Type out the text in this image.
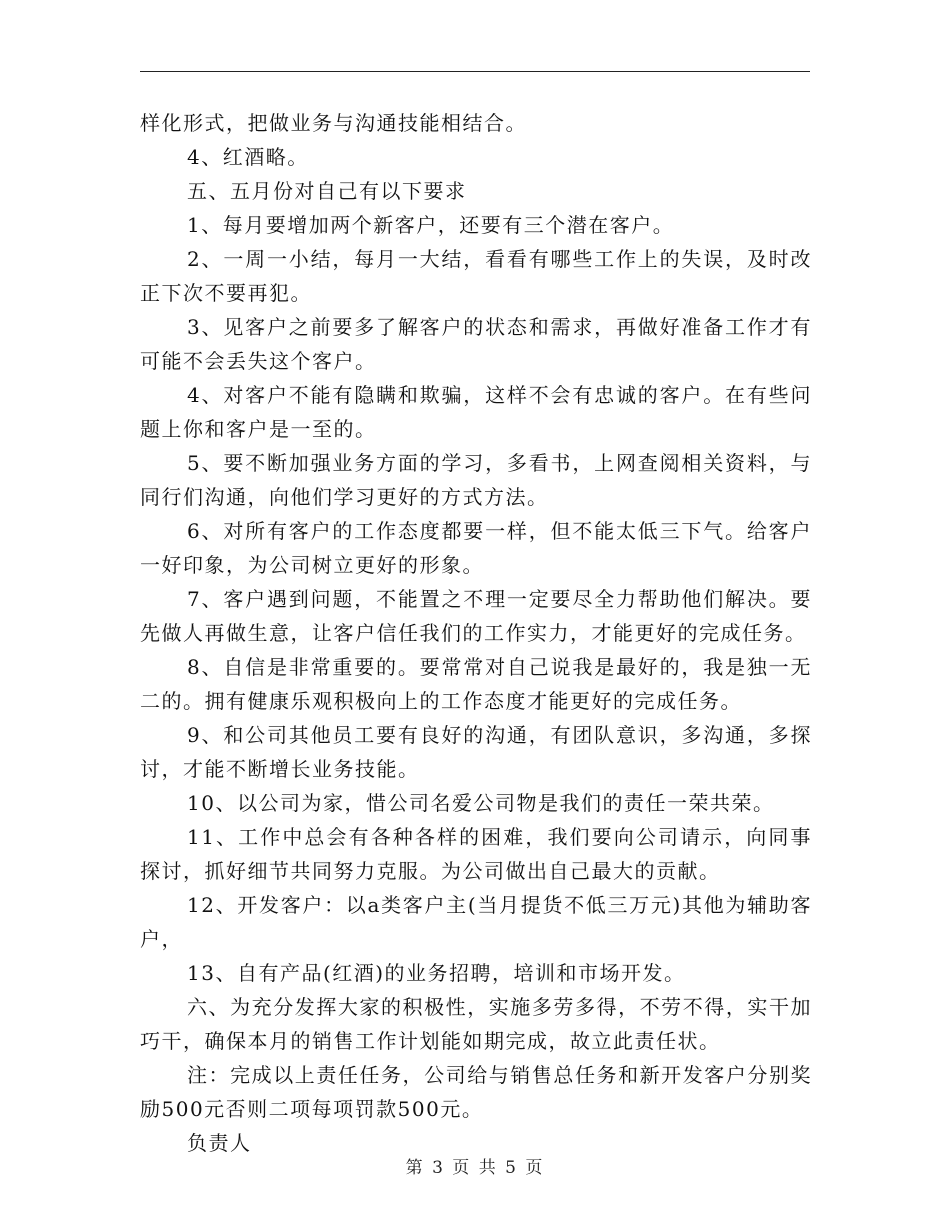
样化形式，把做业务与沟通技能相结合。

4、红酒略。

五、五月份对自己有以下要求

1、每月要增加两个新客户，还要有三个潜在客户。

2、一周一小结，每月一大结，看看有哪些工作上的失误，及时改正下次不要再犯。

3、见客户之前要多了解客户的状态和需求，再做好准备工作才有可能不会丢失这个客户。

4、对客户不能有隐瞒和欺骗，这样不会有忠诚的客户。在有些问题上你和客户是一至的。

5、要不断加强业务方面的学习，多看书，上网查阅相关资料，与同行们沟通，向他们学习更好的方式方法。

6、对所有客户的工作态度都要一样，但不能太低三下气。给客户一好印象，为公司树立更好的形象。

7、客户遇到问题，不能置之不理一定要尽全力帮助他们解决。要先做人再做生意，让客户信任我们的工作实力，才能更好的完成任务。

8、自信是非常重要的。要常常对自己说我是最好的，我是独一无二的。拥有健康乐观积极向上的工作态度才能更好的完成任务。

9、和公司其他员工要有良好的沟通，有团队意识，多沟通，多探讨，才能不断增长业务技能。

10、以公司为家，惜公司名爱公司物是我们的责任一荣共荣。

11、工作中总会有各种各样的困难，我们要向公司请示，向同事探讨，抓好细节共同努力克服。为公司做出自己最大的贡献。

12、开发客户：以a类客户主(当月提货不低三万元)其他为辅助客户，

13、自有产品(红酒)的业务招聘，培训和市场开发。

六、为充分发挥大家的积极性，实施多劳多得，不劳不得，实干加巧干，确保本月的销售工作计划能如期完成，故立此责任状。

注：完成以上责任任务，公司给与销售总任务和新开发客户分别奖励500元否则二项每项罚款500元。

负责人

第 3 页 共 5 页
